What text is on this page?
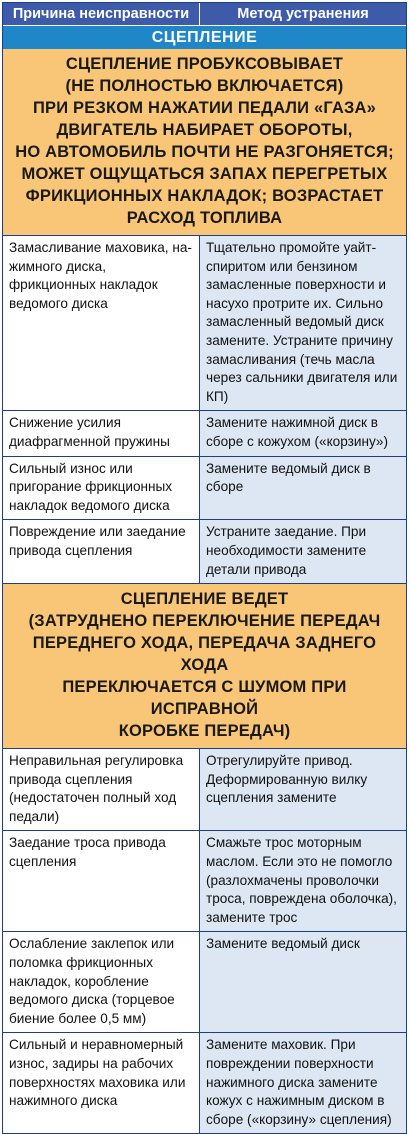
Причина неисправности	Метод устранения
СЦЕПЛЕНИЕ
СЦЕПЛЕНИЕ ПРОБУКСОВЫВАЕТ
(НЕ ПОЛНОСТЬЮ ВКЛЮЧАЕТСЯ)
ПРИ РЕЗКОМ НАЖАТИИ ПЕДАЛИ «ГАЗА»
ДВИГАТЕЛЬ НАБИРАЕТ ОБОРОТЫ,
НО АВТОМОБИЛЬ ПОЧТИ НЕ РАЗГОНЯЕТСЯ;
МОЖЕТ ОЩУЩАТЬСЯ ЗАПАХ ПЕРЕГРЕТЫХ
ФРИКЦИОННЫХ НАКЛАДОК; ВОЗРАСТАЕТ
РАСХОД ТОПЛИВА
Замасливание маховика, на-жимного диска, фрикционных накладок ведомого диска
Тщательно промойте уайт-спиритом или бензином замасленные поверхности и насухо протрите их. Сильно замасленный ведомый диск замените. Устраните причину замасливания (течь масла через сальники двигателя или КП)
Снижение усилия диафрагменной пружины
Замените нажимной диск в сборе с кожухом («корзину»)
Сильный износ или пригорание фрикционных накладок ведомого диска
Замените ведомый диск в сборе
Повреждение или заедание привода сцепления
Устраните заедание. При необходимости замените детали привода
СЦЕПЛЕНИЕ ВЕДЕТ
(ЗАТРУДНЕНО ПЕРЕКЛЮЧЕНИЕ ПЕРЕДАЧ
ПЕРЕДНЕГО ХОДА, ПЕРЕДАЧА ЗАДНЕГО ХОДА
ПЕРЕКЛЮЧАЕТСЯ С ШУМОМ ПРИ ИСПРАВНОЙ
КОРОБКЕ ПЕРЕДАЧ)
Неправильная регулировка привода сцепления (недостаточен полный ход педали)
Отрегулируйте привод. Деформированную вилку сцепления замените
Заедание троса привода сцепления
Смажьте трос моторным маслом. Если это не помогло (разлохмачены проволочки троса, повреждена оболочка), замените трос
Ослабление заклепок или поломка фрикционных накладок, коробление ведомого диска (торцевое биение более 0,5 мм)
Замените ведомый диск
Сильный и неравномерный износ, задиры на рабочих поверхностях маховика или нажимного диска
Замените маховик. При повреждении поверхности нажимного диска замените кожух с нажимным диском в сборе («корзину» сцепления)
